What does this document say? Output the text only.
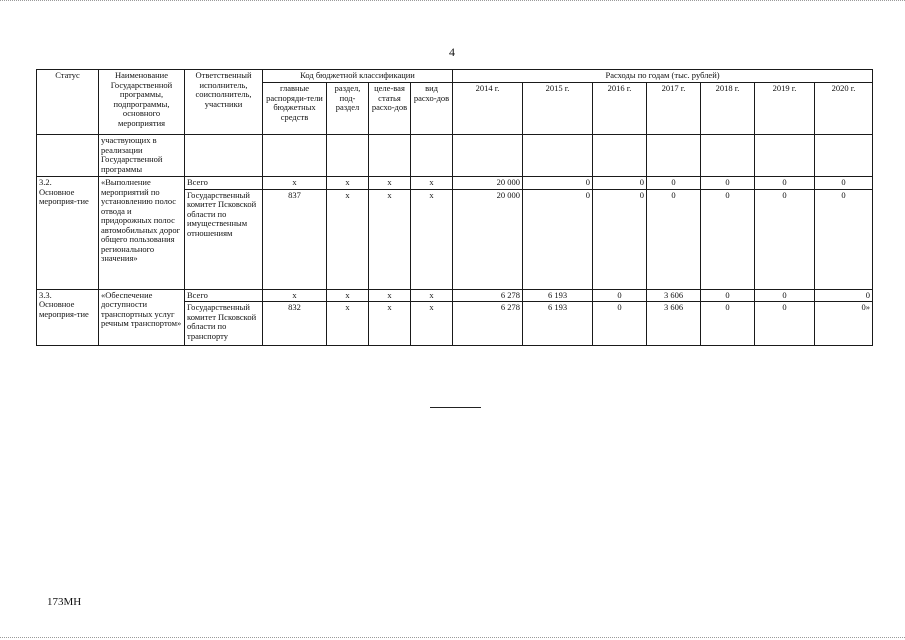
4
Статус	Наименование Государственной программы, подпрограммы, основного мероприятия	Ответственный исполнитель, соисполнитель, участники	Код бюджетной классификации				Расходы по годам (тыс. рублей)						
			главные распоряди-тели бюджетных средств	раздел, под-раздел	целе-вая статья расхо-дов	вид расхо-дов	2014 г.	2015 г.	2016 г.	2017 г.	2018 г.	2019 г.	2020 г.
	участвующих в реализации Государственной программы												

3.2.
Основное мероприя-тие	«Выполнение мероприятий по установлению полос отвода и придорожных полос автомобильных дорог общего пользования регионального значения»	Всего	х	х	х	х	20 000	0	0	0	0	0	0
		Государственный комитет Псковской области по имущественным отношениям	837	х	х	х	20 000	0	0	0	0	0	0

3.3.
Основное мероприя-тие	«Обеспечение доступности транспортных услуг речным транспортом»	Всего	х	х	х	х	6 278	6 193	0	3 606	0	0	0
		Государственный комитет Псковской области по транспорту	832	х	х	х	6 278	6 193	0	3 606	0	0	0»
173МН
